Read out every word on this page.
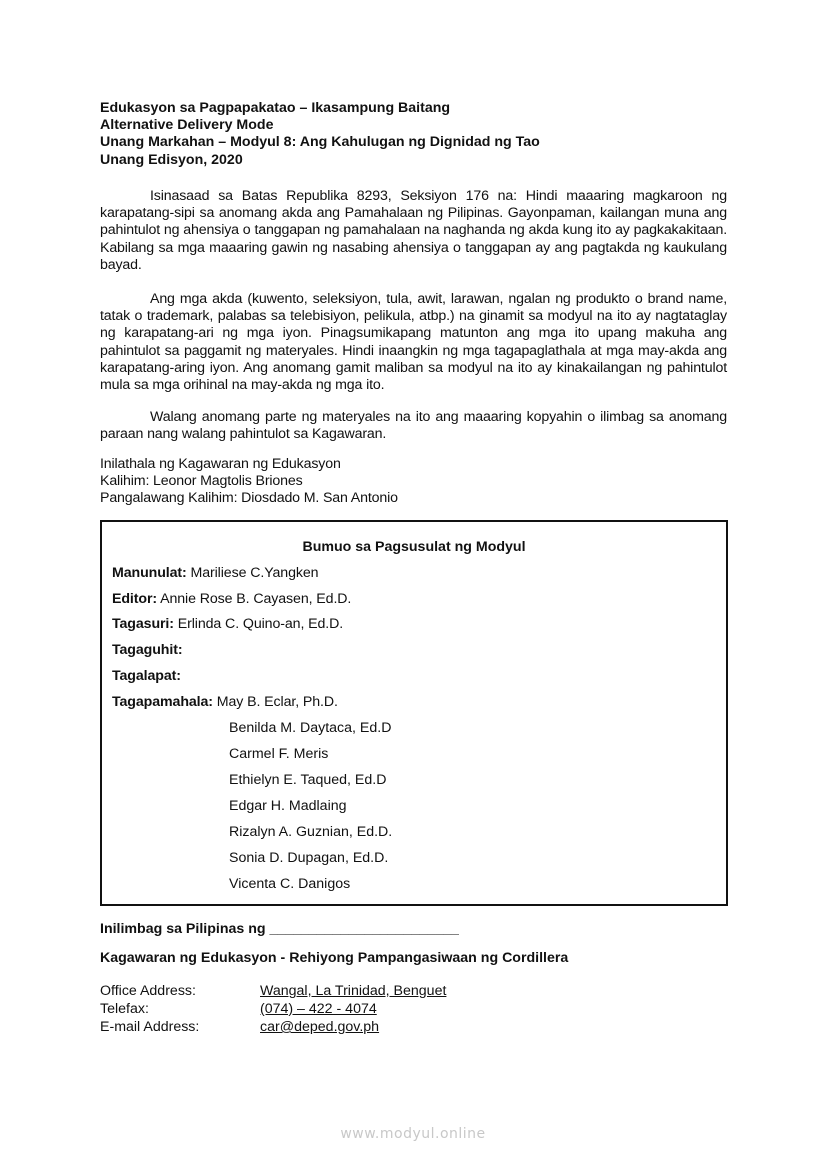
Edukasyon sa Pagpapakatao – Ikasampung Baitang
Alternative Delivery Mode
Unang Markahan – Modyul 8: Ang Kahulugan ng Dignidad ng Tao
Unang Edisyon, 2020
Isinasaad sa Batas Republika 8293, Seksiyon 176 na: Hindi maaaring magkaroon ng karapatang-sipi sa anomang akda ang Pamahalaan ng Pilipinas. Gayonpaman, kailangan muna ang pahintulot ng ahensiya o tanggapan ng pamahalaan na naghanda ng akda kung ito ay pagkakakitaan. Kabilang sa mga maaaring gawin ng nasabing ahensiya o tanggapan ay ang pagtakda ng kaukulang bayad.
Ang mga akda (kuwento, seleksiyon, tula, awit, larawan, ngalan ng produkto o brand name, tatak o trademark, palabas sa telebisiyon, pelikula, atbp.) na ginamit sa modyul na ito ay nagtataglay ng karapatang-ari ng mga iyon. Pinagsumikapang matunton ang mga ito upang makuha ang pahintulot sa paggamit ng materyales. Hindi inaangkin ng mga tagapaglathala at mga may-akda ang karapatang-aring iyon. Ang anomang gamit maliban sa modyul na ito ay kinakailangan ng pahintulot mula sa mga orihinal na may-akda ng mga ito.
Walang anomang parte ng materyales na ito ang maaaring kopyahin o ilimbag sa anomang paraan nang walang pahintulot sa Kagawaran.
Inilathala ng Kagawaran ng Edukasyon
Kalihim: Leonor Magtolis Briones
Pangalawang Kalihim: Diosdado M. San Antonio
Bumuo sa Pagsusulat ng Modyul
Manunulat: Mariliese C.Yangken
Editor: Annie Rose B. Cayasen, Ed.D.
Tagasuri: Erlinda C. Quino-an, Ed.D.
Tagaguhit:
Tagalapat:
Tagapamahala: May B. Eclar, Ph.D.
Benilda M. Daytaca, Ed.D
Carmel F. Meris
Ethielyn E. Taqued, Ed.D
Edgar H. Madlaing
Rizalyn A. Guznian, Ed.D.
Sonia D. Dupagan, Ed.D.
Vicenta C. Danigos
Inilimbag sa Pilipinas ng ________________________
Kagawaran ng Edukasyon - Rehiyong Pampangasiwaan ng Cordillera
Office Address:	Wangal, La Trinidad, Benguet
Telefax:	(074) – 422 - 4074
E-mail Address:	car@deped.gov.ph
www.modyul.online
